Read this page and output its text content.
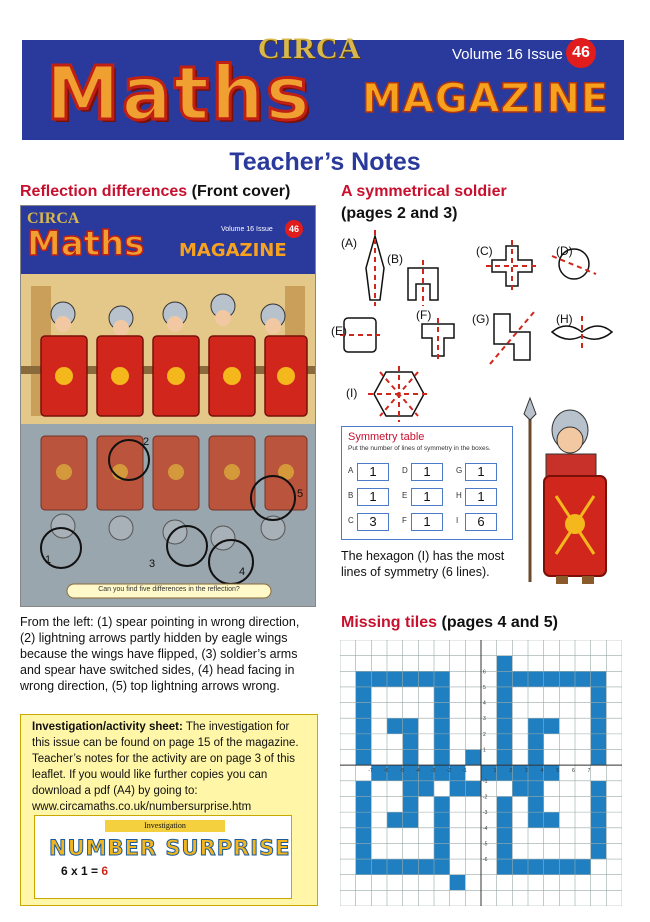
CIRCA
Maths MAGAZINE
Volume 16 Issue 46
Teacher’s Notes
Reflection differences (Front cover)
CIRCA
Maths MAGAZINE
Volume 16 Issue	46
Can you find five differences in the reflection?
1
2
3
4
5
From the left: (1) spear pointing in wrong direction, (2) lightning arrows partly hidden by eagle wings because the wings have flipped, (3) soldier’s arms and spear have switched sides, (4) head facing in wrong direction, (5) top lightning arrows wrong.
Investigation/activity sheet: The investigation for this issue can be found on page 15 of the magazine. Teacher’s notes for the activity are on page 3 of this leaflet. If you would like further copies you can download a pdf (A4) by going to:
www.circamaths.co.uk/numbersurprise.htm
Investigation
NUMBER SURPRISE
6 x 1 = 6
A symmetrical soldier
(pages 2 and 3)
(A)
(B)
(C)	(D)
(E)
(F)	(G)	(H)
(I)
Symmetry table
Put the number of lines of symmetry in the boxes.
A	1	D	1	G	1
B	1	E	1	H	1
C	3	F	1	I	6
The hexagon (I) has the most lines of symmetry (6 lines).
Missing tiles (pages 4 and 5)
-7 -6 -5 -4 -3 -2 -1	1	2	3	4	5	6	7
6
5
4
3
2
1
-1
-2
-3
-4
-5
-6
